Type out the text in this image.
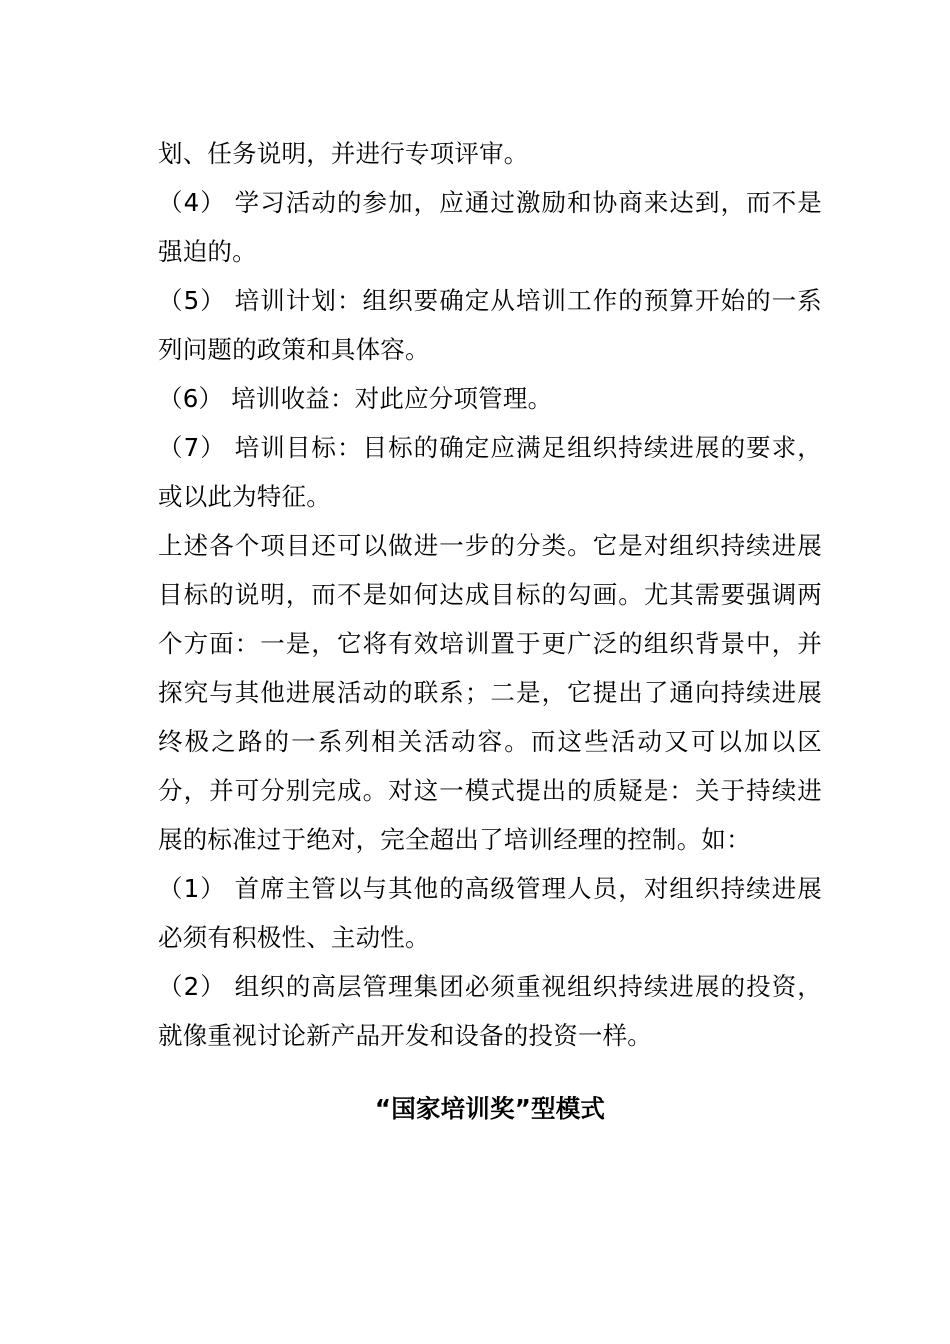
划、任务说明，并进行专项评审。

（4） 学习活动的参加，应通过激励和协商来达到，而不是强迫的。

（5） 培训计划：组织要确定从培训工作的预算开始的一系列问题的政策和具体容。

（6） 培训收益：对此应分项管理。

（7） 培训目标：目标的确定应满足组织持续进展的要求，或以此为特征。

上述各个项目还可以做进一步的分类。它是对组织持续进展目标的说明，而不是如何达成目标的勾画。尤其需要强调两个方面：一是，它将有效培训置于更广泛的组织背景中，并探究与其他进展活动的联系；二是，它提出了通向持续进展终极之路的一系列相关活动容。而这些活动又可以加以区分，并可分别完成。对这一模式提出的质疑是：关于持续进展的标准过于绝对，完全超出了培训经理的控制。如：

（1） 首席主管以与其他的高级管理人员，对组织持续进展必须有积极性、主动性。

（2） 组织的高层管理集团必须重视组织持续进展的投资，就像重视讨论新产品开发和设备的投资一样。

“国家培训奖”型模式
